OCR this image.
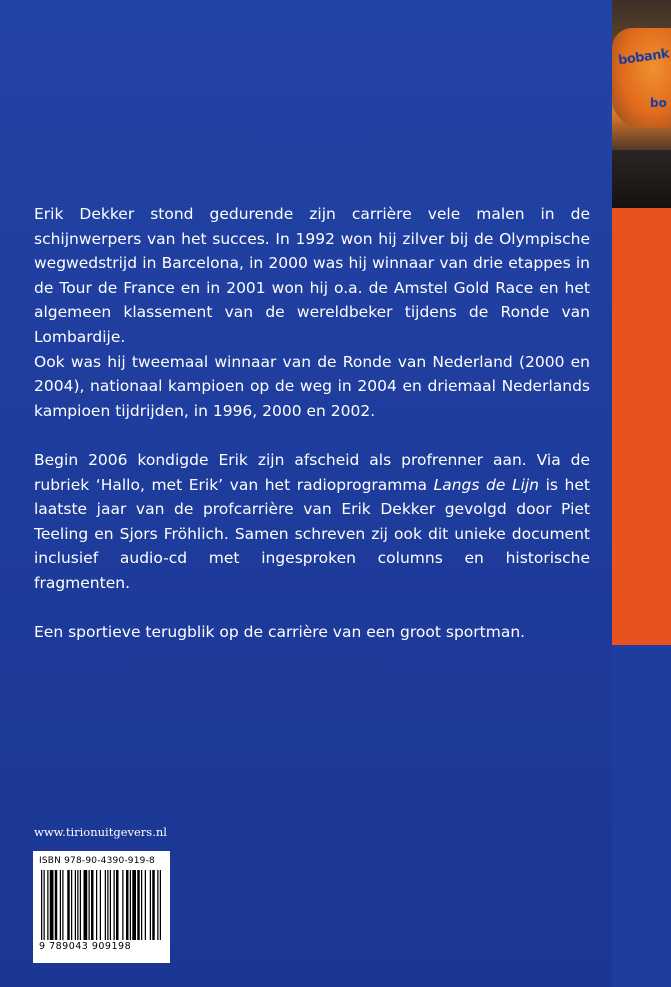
bobank
bo

Erik Dekker stond gedurende zijn carrière vele malen in de schijnwerpers van het succes. In 1992 won hij zilver bij de Olympische wegwedstrijd in Barcelona, in 2000 was hij winnaar van drie etappes in de Tour de France en in 2001 won hij o.a. de Amstel Gold Race en het algemeen klassement van de wereldbeker tijdens de Ronde van Lombardije.

Ook was hij tweemaal winnaar van de Ronde van Nederland (2000 en 2004), nationaal kampioen op de weg in 2004 en driemaal Nederlands kampioen tijdrijden, in 1996, 2000 en 2002.

Begin 2006 kondigde Erik zijn afscheid als profrenner aan. Via de rubriek ‘Hallo, met Erik’ van het radioprogramma Langs de Lijn is het laatste jaar van de profcarrière van Erik Dekker gevolgd door Piet Teeling en Sjors Fröhlich. Samen schreven zij ook dit unieke document inclusief audio-cd met ingesproken columns en historische fragmenten.

Een sportieve terugblik op de carrière van een groot sportman.

www.tirionuitgevers.nl
ISBN 978-90-4390-919-8
9 789043 909198
